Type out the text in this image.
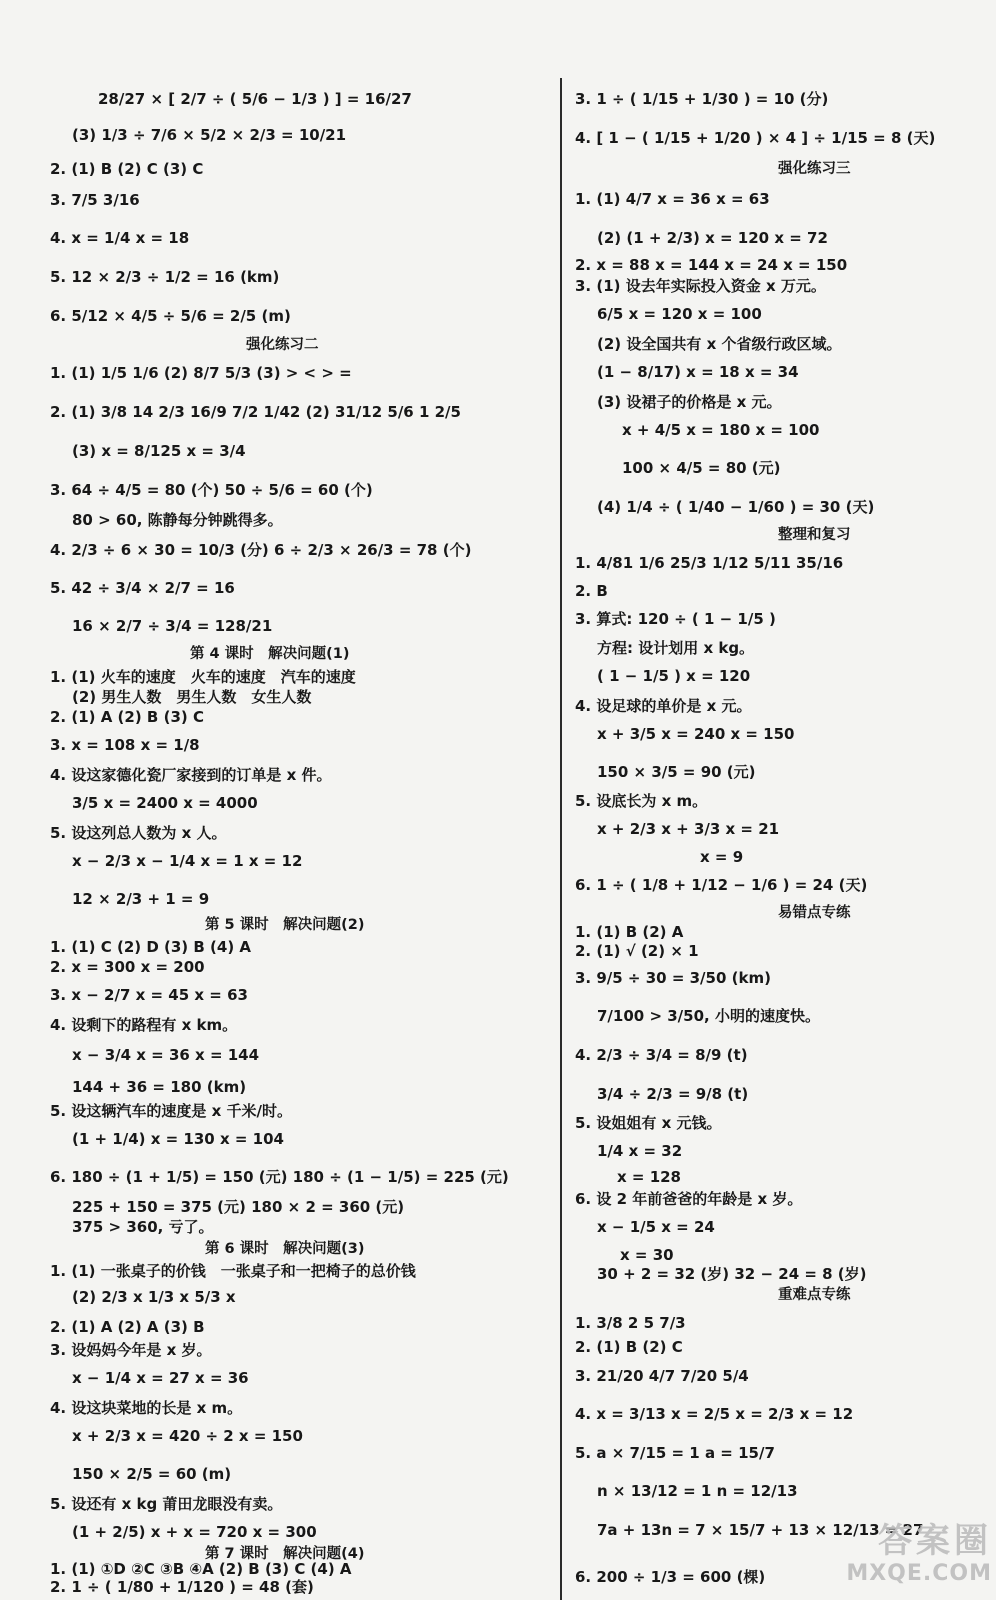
28/27 × [ 2/7 ÷ ( 5/6 − 1/3 ) ] = 16/27
(3) 1/3 ÷ 7/6 × 5/2 × 2/3 = 10/21
2. (1) B (2) C (3) C
3. 7/5 3/16
4. x = 1/4 x = 18
5. 12 × 2/3 ÷ 1/2 = 16 (km)
6. 5/12 × 4/5 ÷ 5/6 = 2/5 (m)
强化练习二
1. (1) 1/5 1/6 (2) 8/7 5/3 (3) > < > =
2. (1) 3/8 14 2/3 16/9 7/2 1/42 (2) 31/12 5/6 1 2/5
(3) x = 8/125 x = 3/4
3. 64 ÷ 4/5 = 80 (个) 50 ÷ 5/6 = 60 (个)
80 > 60, 陈静每分钟跳得多。
4. 2/3 ÷ 6 × 30 = 10/3 (分) 6 ÷ 2/3 × 26/3 = 78 (个)
5. 42 ÷ 3/4 × 2/7 = 16
16 × 2/7 ÷ 3/4 = 128/21
第 4 课时　解决问题(1)
1. (1) 火车的速度　火车的速度　汽车的速度
(2) 男生人数　男生人数　女生人数
2. (1) A (2) B (3) C
3. x = 108 x = 1/8
4. 设这家德化瓷厂家接到的订单是 x 件。
3/5 x = 2400 x = 4000
5. 设这列总人数为 x 人。
x − 2/3 x − 1/4 x = 1 x = 12
12 × 2/3 + 1 = 9
第 5 课时　解决问题(2)
1. (1) C (2) D (3) B (4) A
2. x = 300 x = 200
3. x − 2/7 x = 45 x = 63
4. 设剩下的路程有 x km。
x − 3/4 x = 36 x = 144
144 + 36 = 180 (km)
5. 设这辆汽车的速度是 x 千米/时。
(1 + 1/4) x = 130 x = 104
6. 180 ÷ (1 + 1/5) = 150 (元) 180 ÷ (1 − 1/5) = 225 (元)
225 + 150 = 375 (元) 180 × 2 = 360 (元)
375 > 360, 亏了。
第 6 课时　解决问题(3)
1. (1) 一张桌子的价钱　一张桌子和一把椅子的总价钱
(2) 2/3 x 1/3 x 5/3 x
2. (1) A (2) A (3) B
3. 设妈妈今年是 x 岁。
x − 1/4 x = 27 x = 36
4. 设这块菜地的长是 x m。
x + 2/3 x = 420 ÷ 2 x = 150
150 × 2/5 = 60 (m)
5. 设还有 x kg 莆田龙眼没有卖。
(1 + 2/5) x + x = 720 x = 300
第 7 课时　解决问题(4)
1. (1) ①D ②C ③B ④A (2) B (3) C (4) A
2. 1 ÷ ( 1/80 + 1/120 ) = 48 (套)
3. 1 ÷ ( 1/15 + 1/30 ) = 10 (分)
4. [ 1 − ( 1/15 + 1/20 ) × 4 ] ÷ 1/15 = 8 (天)
强化练习三
1. (1) 4/7 x = 36 x = 63
(2) (1 + 2/3) x = 120 x = 72
2. x = 88 x = 144 x = 24 x = 150
3. (1) 设去年实际投入资金 x 万元。
6/5 x = 120 x = 100
(2) 设全国共有 x 个省级行政区域。
(1 − 8/17) x = 18 x = 34
(3) 设裙子的价格是 x 元。
x + 4/5 x = 180 x = 100
100 × 4/5 = 80 (元)
(4) 1/4 ÷ ( 1/40 − 1/60 ) = 30 (天)
整理和复习
1. 4/81 1/6 25/3 1/12 5/11 35/16
2. B
3. 算式: 120 ÷ ( 1 − 1/5 )
方程: 设计划用 x kg。
( 1 − 1/5 ) x = 120
4. 设足球的单价是 x 元。
x + 3/5 x = 240 x = 150
150 × 3/5 = 90 (元)
5. 设底长为 x m。
x + 2/3 x + 3/3 x = 21
x = 9
6. 1 ÷ ( 1/8 + 1/12 − 1/6 ) = 24 (天)
易错点专练
1. (1) B (2) A
2. (1) √ (2) × 1
3. 9/5 ÷ 30 = 3/50 (km)
7/100 > 3/50, 小明的速度快。
4. 2/3 ÷ 3/4 = 8/9 (t)
3/4 ÷ 2/3 = 9/8 (t)
5. 设姐姐有 x 元钱。
1/4 x = 32
x = 128
6. 设 2 年前爸爸的年龄是 x 岁。
x − 1/5 x = 24
x = 30
30 + 2 = 32 (岁) 32 − 24 = 8 (岁)
重难点专练
1. 3/8 2 5 7/3
2. (1) B (2) C
3. 21/20 4/7 7/20 5/4
4. x = 3/13 x = 2/5 x = 2/3 x = 12
5. a × 7/15 = 1 a = 15/7
n × 13/12 = 1 n = 12/13
7a + 13n = 7 × 15/7 + 13 × 12/13 = 27
6. 200 ÷ 1/3 = 600 (棵)
答案圈
MXQE.COM
